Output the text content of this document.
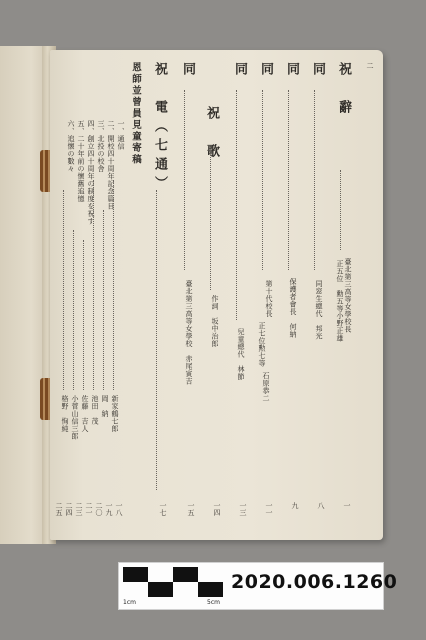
二
祝　辭
臺北第三高等女學校長
正五位　勳五等
小野正雄
同
同窓生總代　邦光
同
保護者會長　何納
同
第十代校長
正七位勲七等
石原恭二
同
兒童總代　林節
祝　歌
作詞　坂中治郎
同
臺北第三高等女學校　赤尾寅吉
祝　電（七通）
恩師並曾員見童寄稿
一、通信
新家鶴七郎
二、開校四十周年記念篇目
岡　納
三、北投の校舎
池田　茂
四、創立四十周年の制度を祝す
佐藤　吉人
五、二十年前の懷舊追憶
小菅山信三郎
六、追懐の數々
格野　恂純
一
八
九
一一
一三
一四
一五
一七
一八
一九
二〇
二一
二三
二四
二五
1cm	5cm
2020.006.1260
